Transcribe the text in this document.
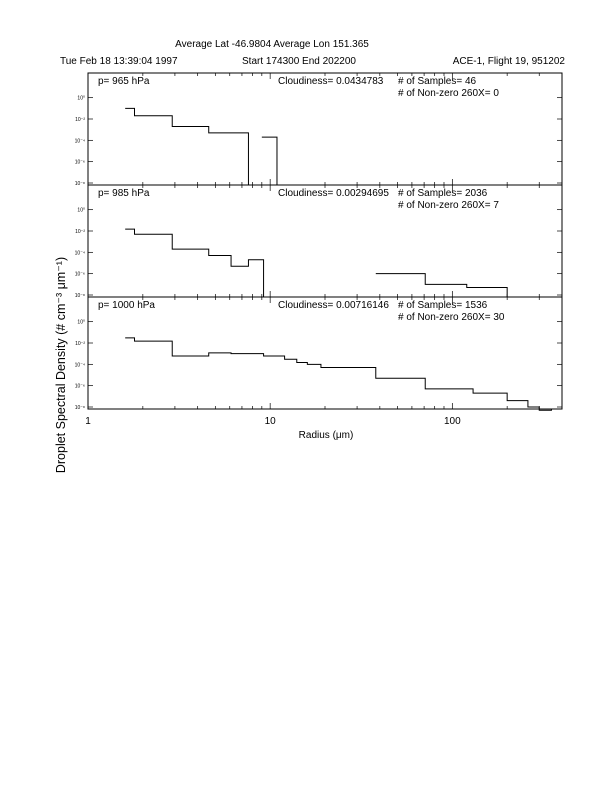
Average Lat -46.9804 Average Lon 151.365
Tue Feb 18 13:39:04 1997	Start 174300 End 202200	ACE-1, Flight 19, 951202
10⁰
10⁻²
10⁻⁴
10⁻⁶
10⁻⁸
p= 965 hPa	Cloudiness= 0.0434783 # of Samples= 46
# of Non-zero 260X= 0
10⁰
10⁻²
10⁻⁴
10⁻⁶
10⁻⁸
p= 985 hPa	Cloudiness= 0.00294695 # of Samples= 2036
# of Non-zero 260X= 7
10⁰
10⁻²
10⁻⁴
10⁻⁶
10⁻⁸
p= 1000 hPa	Cloudiness= 0.00716146 # of Samples= 1536
# of Non-zero 260X= 30
1	10	100
Radius (μm)
Droplet Spectral Density (# cm⁻³ μm⁻¹)
